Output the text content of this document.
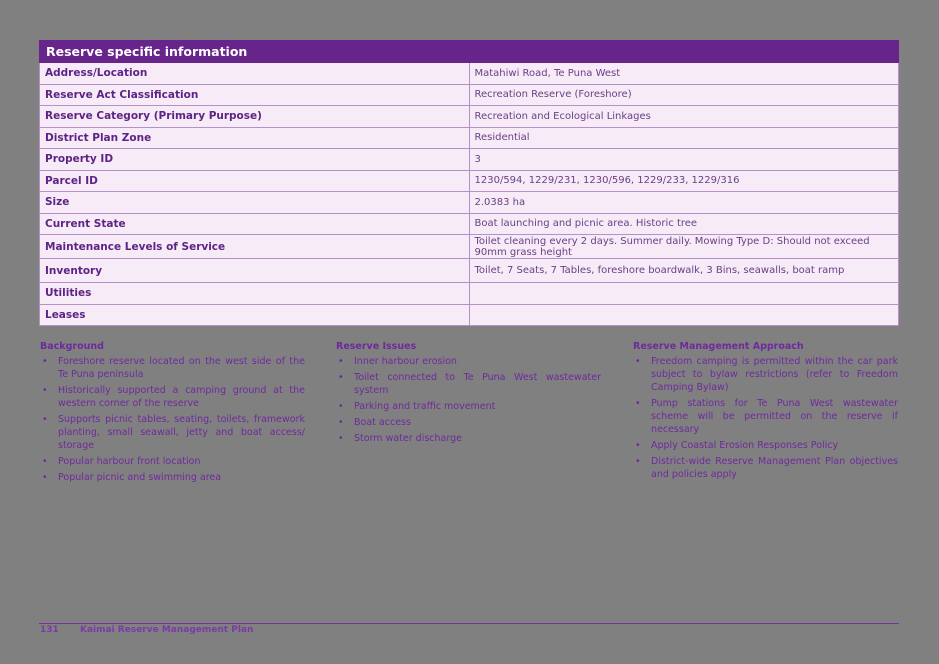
Reserve specific information	
Address/Location	Matahiwi Road, Te Puna West
Reserve Act Classification	Recreation Reserve (Foreshore)
Reserve Category (Primary Purpose)	Recreation and Ecological Linkages
District Plan Zone	Residential
Property ID	3
Parcel ID	1230/594, 1229/231, 1230/596, 1229/233, 1229/316
Size	2.0383 ha
Current State	Boat launching and picnic area. Historic tree
Maintenance Levels of Service	Toilet cleaning every 2 days. Summer daily. Mowing Type D: Should not exceed 90mm grass height
Inventory	Toilet, 7 Seats, 7 Tables, foreshore boardwalk, 3 Bins, seawalls, boat ramp
Utilities	
Leases	
Background
• Foreshore reserve located on the west side of the Te Puna peninsula
• Historically supported a camping ground at the western corner of the reserve
• Supports picnic tables, seating, toilets, framework planting, small seawall, jetty and boat access/ storage
• Popular harbour front location
• Popular picnic and swimming area
Reserve Issues
• Inner harbour erosion
• Toilet connected to Te Puna West wastewater system
• Parking and traffic movement
• Boat access
• Storm water discharge
Reserve Management Approach
• Freedom camping is permitted within the car park subject to bylaw restrictions (refer to Freedom Camping Bylaw)
• Pump stations for Te Puna West wastewater scheme will be permitted on the reserve if necessary
• Apply Coastal Erosion Responses Policy
• District-wide Reserve Management Plan objectives and policies apply
131 Kaimai Reserve Management Plan
